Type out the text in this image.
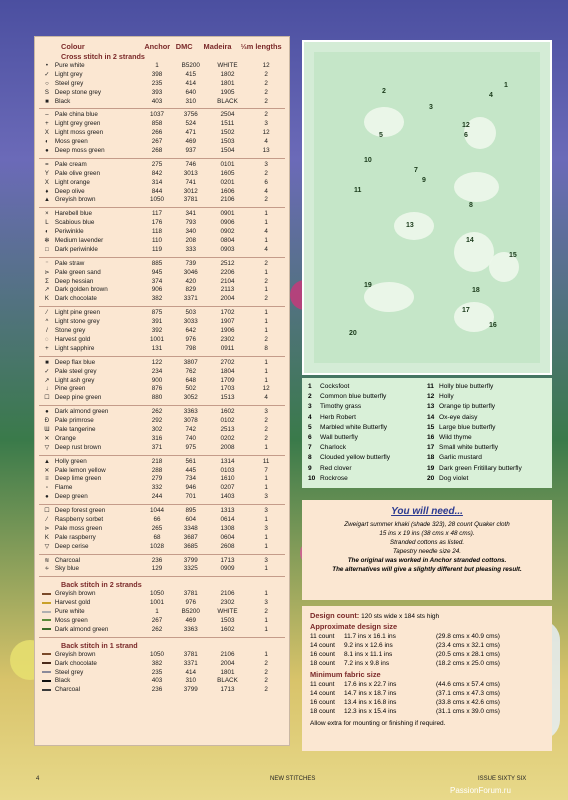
Colour	Anchor DMC	Madeira	⅓m lengths
Cross stitch in 2 strands
•	Pure white	1	B5200	WHITE	12
✓ Light grey	398	415	1802	2
○ Steel grey	235	414	1801	2
S Deep stone grey	393	640	1905	2
■ Black	403	310	BLACK	2
– Pale china blue	1037	3756	2504	2
+ Light grey green	858	524	1511	3
X Light moss green	266	471	1502	12
◐ Moss green	267	469	1503	4
● Deep moss green	268	937	1504	13
= Pale cream	275	746	0101	3
Y Pale olive green	842	3013	1605	2
X Light orange	314	741	0201	6
♦	Deep olive	844	3012	1606	4
▲ Greyish brown	1050	3781	2106	2
× Harebell blue	117	341	0901	1
L Scabious blue	176	793	0906	1
◐ Periwinkle	118	340	0902	4
✻ Medium lavender	110	208	0804	1
□ Dark periwinkle	119	333	0903	4
⁻	Pale straw	885	739	2512	2
⋗ Pale green sand	945	3046	2206	1
Ʃ Deep hessian	374	420	2104	2
↗ Dark golden brown	906	829	2113	1
K Dark chocolate	382	3371	2004	2
⁄	Light pine green	875	503	1702	1
^	Light stone grey	391	3033	1907	1
/	Stone grey	392	642	1906	1
◌ Harvest gold	1001	976	2302	2
+ Light sapphire	131	798	0911	8
■ Deep flax blue	122	3807	2702	1
✓ Pale steel grey	234	762	1804	1
↗ Light ash grey	900	648	1709	1
↓	Pine green	876	502	1703	12
☐ Deep pine green	880	3052	1513	4
● Dark almond green	262	3363	1602	3
Ɖ Pale primrose	292	3078	0102	2
Ɯ Pale tangerine	302	742	2513	2
✕ Orange	316	740	0202	2
▽ Deep rust brown	371	975	2008	1
▲ Holly green	218	561	1314	11
✕ Pale lemon yellow	288	445	0103	7
≡ Deep lime green	279	734	1610	1
▫	Flame	332	946	0207	1
● Deep green	244	701	1403	3
☐ Deep forest green	1044	895	1313	3
⁄	Raspberry sorbet	66	604	0614	1
⋗ Pale moss green	265	3348	1308	3
K Pale raspberry	68	3687	0604	1
▽ Deep cerise	1028	3685	2608	1
≋ Charcoal	236	3799	1713	3
∻ Sky blue	129	3325	0909	1
Back stitch in 2 strands
Greyish brown	1050	3781	2106	1
Harvest gold	1001	976	2302	3
Pure white	1	B5200	WHITE	2
Moss green	267	469	1503	1
Dark almond green	262	3363	1602	1
Back stitch in 1 strand
Greyish brown	1050	3781	2106	1
Dark chocolate	382	3371	2004	2
Steel grey	235	414	1801	2
Black	403	310	BLACK	2
Charcoal	236	3799	1713	2
1
2
3
4
5	6
7
8
9
10
11
12
13
14
15
16
17
18
19
20
1	Cocksfoot
2	Common blue butterfly
3	Timothy grass
4	Herb Robert
5	Marbled white Butterfly
6	Wall butterfly
7	Charlock
8	Clouded yellow butterfly
9	Red clover
10 Rockrose
11 Holly blue butterfly
12 Holly
13 Orange tip butterfly
14 Ox-eye daisy
15 Large blue butterfly
16 Wild thyme
17 Small white butterfly
18 Garlic mustard
19 Dark green Fritillary butterfly
20 Dog violet
You will need...

Zweigart summer khaki (shade 323), 28 count Quaker cloth

15 ins x 19 ins (38 cms x 48 cms).

Stranded cottons as listed.

Tapestry needle size 24.

The original was worked in Anchor stranded cottons.

The alternatives will give a slightly different but pleasing result.

Design count: 120 sts wide x 184 sts high
Approximate design size
11 count	11.7 ins x 16.1 ins	(29.8 cms x 40.9 cms)
14 count	9.2 ins x 12.6 ins	(23.4 cms x 32.1 cms)
16 count	8.1 ins x 11.1 ins	(20.5 cms x 28.1 cms)
18 count	7.2 ins x 9.8 ins	(18.2 cms x 25.0 cms)
Minimum fabric size
11 count	17.6 ins x 22.7 ins	(44.6 cms x 57.4 cms)
14 count	14.7 ins x 18.7 ins	(37.1 cms x 47.3 cms)
16 count	13.4 ins x 16.8 ins	(33.8 cms x 42.6 cms)
18 count	12.3 ins x 15.4 ins	(31.1 cms x 39.0 cms)
Allow extra for mounting or finishing if required.
4	NEW STITCHES	ISSUE SIXTY SIX
PassionForum.ru
